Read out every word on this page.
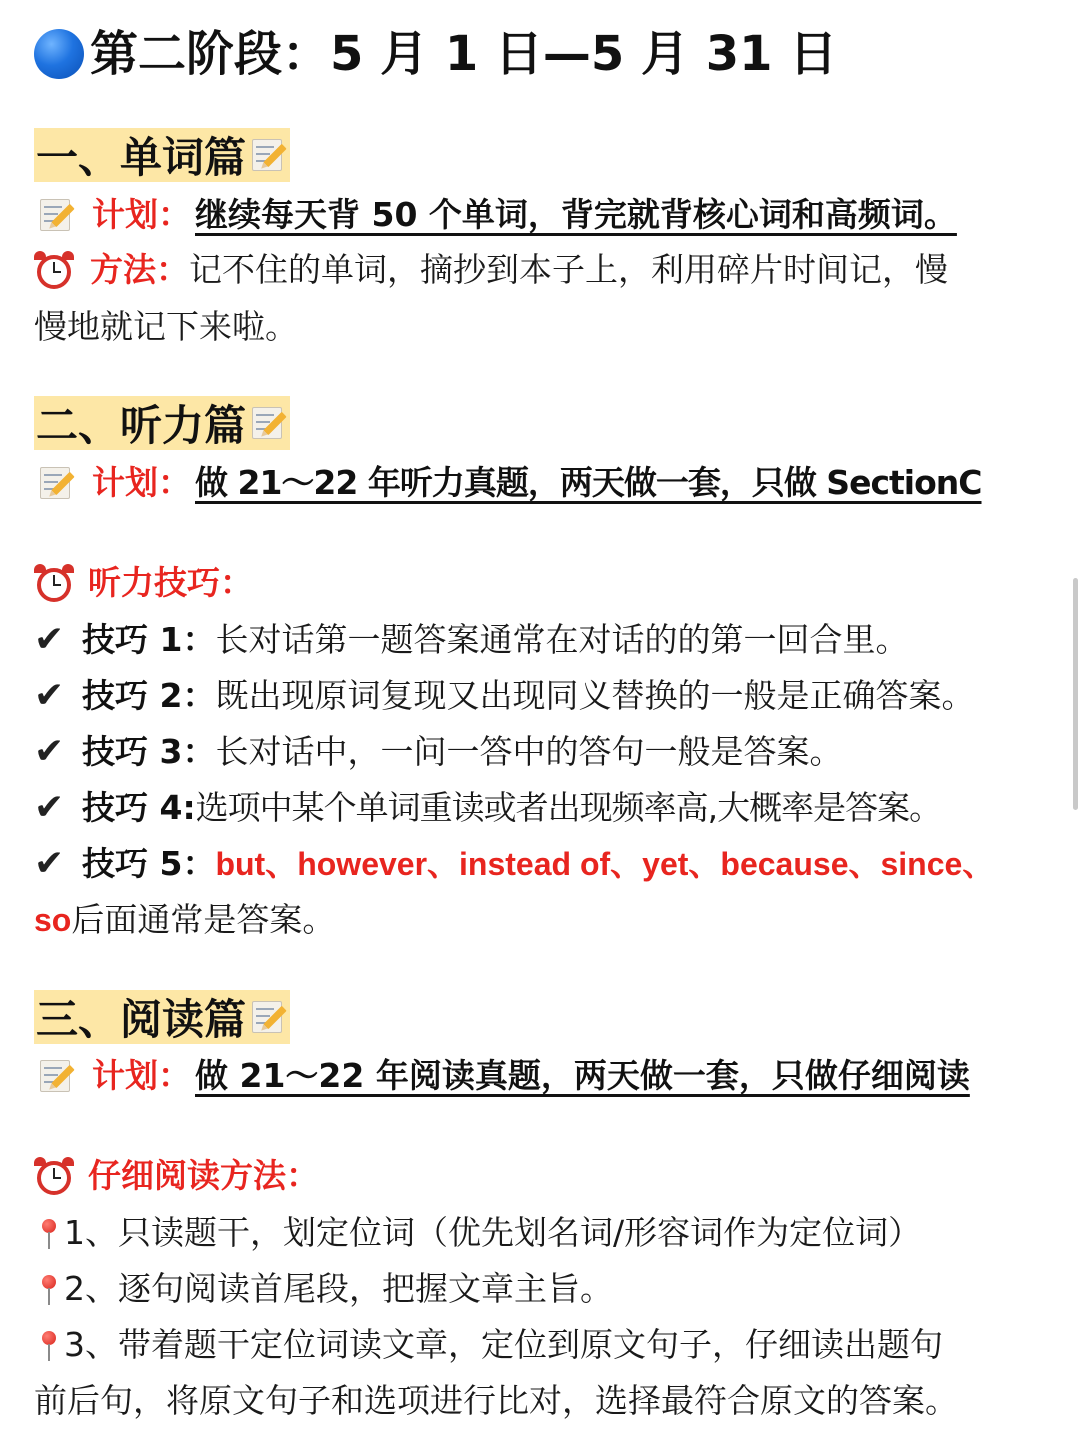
第二阶段：5 月 1 日—5 月 31 日
一、单词篇
计划： 继续每天背 50 个单词，背完就背核心词和高频词。
方法： 记不住的单词，摘抄到本子上，利用碎片时间记，慢
慢地就记下来啦。
二、听力篇
计划： 做 21～22 年听力真题，两天做一套，只做 SectionC
听力技巧：
✔ 技巧 1： 长对话第一题答案通常在对话的的第一回合里。
✔ 技巧 2： 既出现原词复现又出现同义替换的一般是正确答案。
✔ 技巧 3： 长对话中，一问一答中的答句一般是答案。
✔ 技巧 4: 选项中某个单词重读或者出现频率高,大概率是答案。
✔ 技巧 5： but、however、instead of、yet、because、since、
so 后面通常是答案。
三、阅读篇
计划： 做 21～22 年阅读真题，两天做一套，只做仔细阅读
仔细阅读方法：
1、只读题干，划定位词（优先划名词/形容词作为定位词）
2、逐句阅读首尾段，把握文章主旨。
3、带着题干定位词读文章，定位到原文句子，仔细读出题句
前后句，将原文句子和选项进行比对，选择最符合原文的答案。
